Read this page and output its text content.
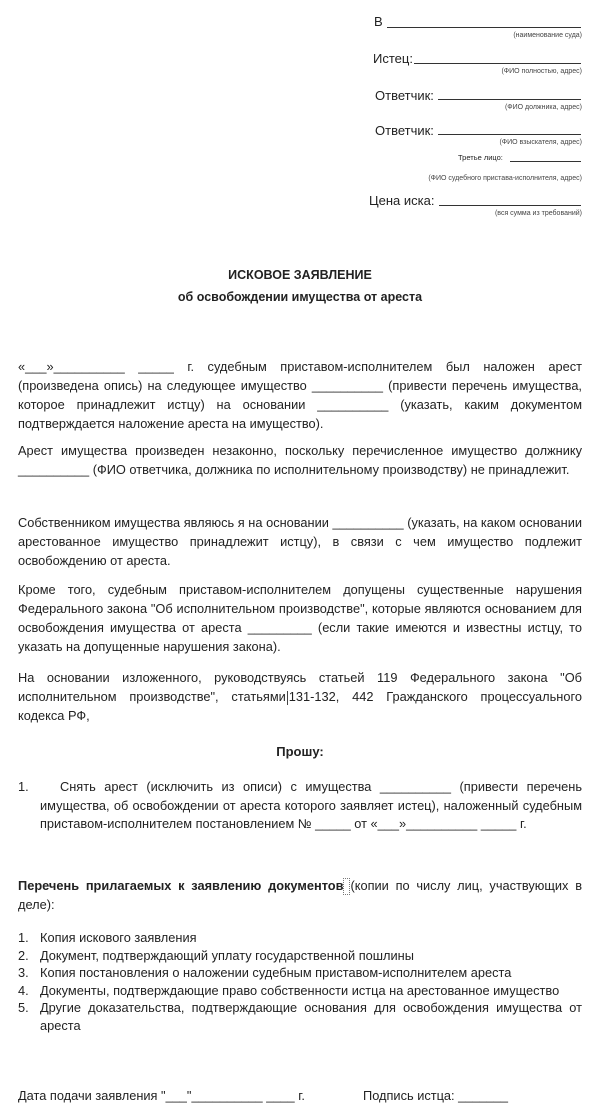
В
(наименование суда)
Истец:
(ФИО полностью, адрес)
Ответчик:
(ФИО должника, адрес)
Ответчик:
(ФИО взыскателя, адрес)
Третье лицо:
(ФИО судебного пристава-исполнителя, адрес)
Цена иска:
(вся сумма из требований)
ИСКОВОЕ ЗАЯВЛЕНИЕ
об освобождении имущества от ареста

«___»__________ _____ г. судебным приставом-исполнителем был наложен арест (произведена опись) на следующее имущество __________ (привести перечень имущества, которое принадлежит истцу) на основании __________ (указать, каким документом подтверждается наложение ареста на имущество).

Арест имущества произведен незаконно, поскольку перечисленное имущество должнику __________ (ФИО ответчика, должника по исполнительному производству) не принадлежит.

Собственником имущества являюсь я на основании __________ (указать, на каком основании арестованное имущество принадлежит истцу), в связи с чем имущество подлежит освобождению от ареста.

Кроме того, судебным приставом-исполнителем допущены существенные нарушения Федерального закона "Об исполнительном производстве", которые являются основанием для освобождения имущества от ареста _________ (если такие имеются и известны истцу, то указать на допущенные нарушения закона).

На основании изложенного, руководствуясь статьей 119 Федерального закона "Об исполнительном производстве", статьями 131-132, 442 Гражданского процессуального кодекса РФ,

Прошу:
1. Снять арест (исключить из описи) с имущества __________ (привести перечень имущества, об освобождении от ареста которого заявляет истец), наложенный судебным приставом-исполнителем постановлением № _____ от «___»__________ _____ г.

Перечень прилагаемых к заявлению документов (копии по числу лиц, участвующих в деле):

1. Копия искового заявления
2. Документ, подтверждающий уплату государственной пошлины
3. Копия постановления о наложении судебным приставом-исполнителем ареста
4. Документы, подтверждающие право собственности истца на арестованное имущество
5. Другие доказательства, подтверждающие основания для освобождения имущества от ареста
Дата подачи заявления "___"__________ ____ г.	Подпись истца: _______
